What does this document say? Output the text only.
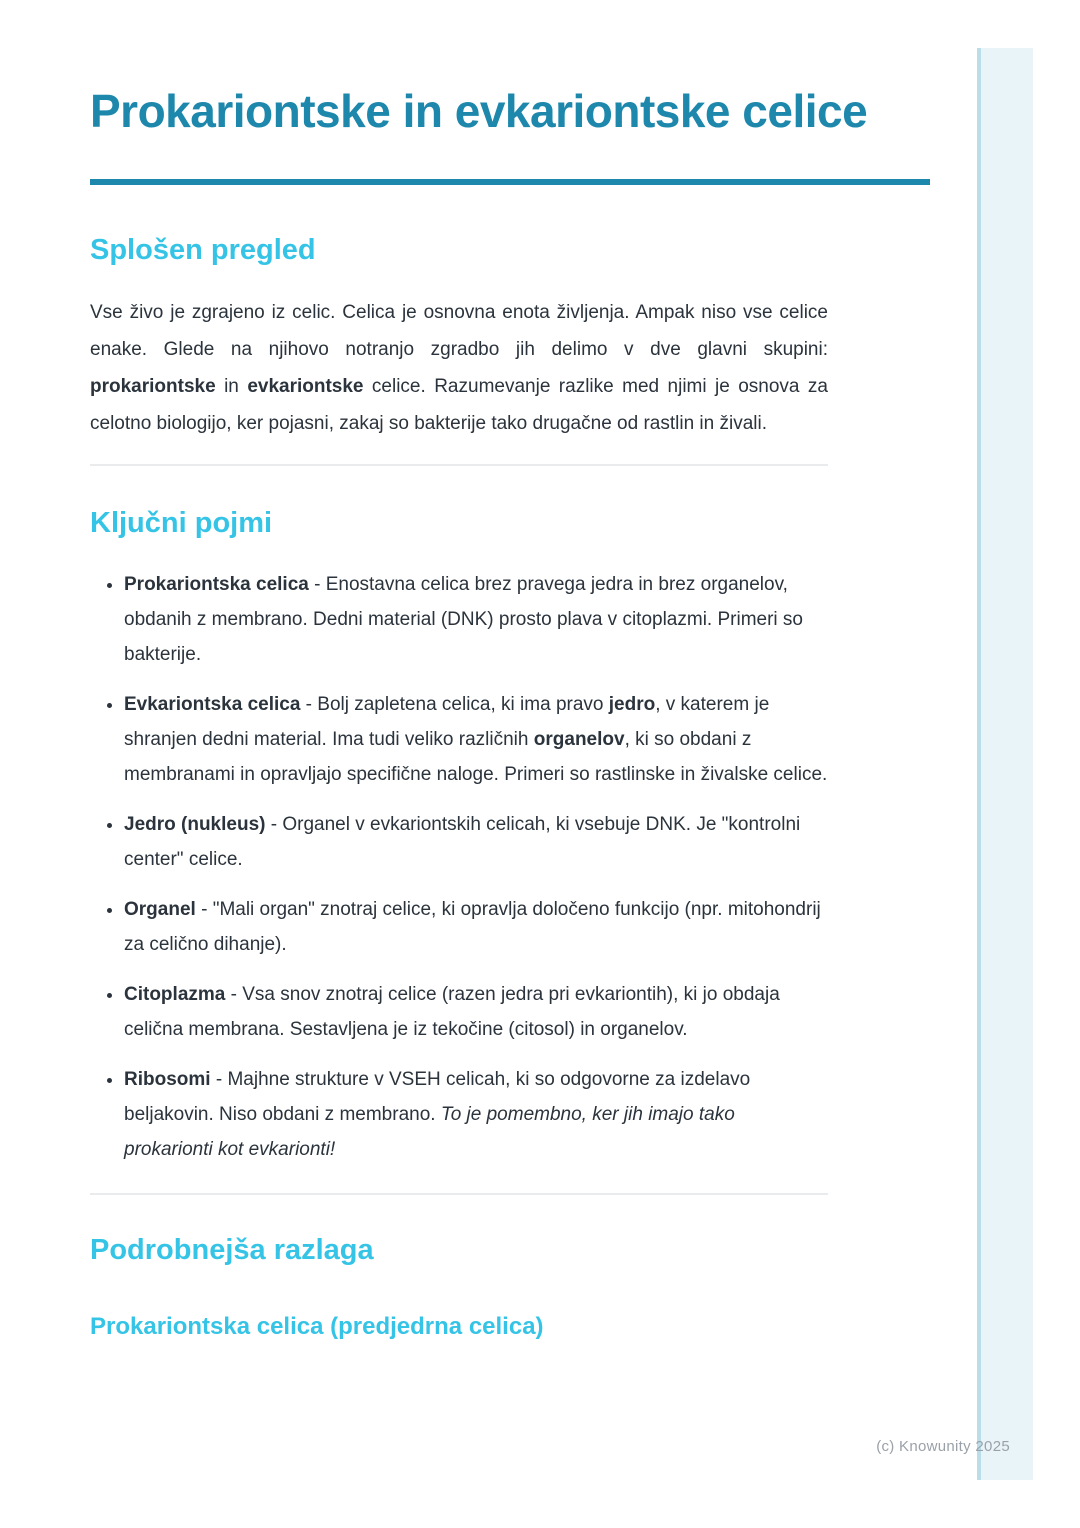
Prokariontske in evkariontske celice
Splošen pregled

Vse živo je zgrajeno iz celic. Celica je osnovna enota življenja. Ampak niso vse celice enake. Glede na njihovo notranjo zgradbo jih delimo v dve glavni skupini: prokariontske in evkariontske celice. Razumevanje razlike med njimi je osnova za celotno biologijo, ker pojasni, zakaj so bakterije tako drugačne od rastlin in živali.

Ključni pojmi
• Prokariontska celica - Enostavna celica brez pravega jedra in brez organelov, obdanih z membrano. Dedni material (DNK) prosto plava v citoplazmi. Primeri so bakterije.
• Evkariontska celica - Bolj zapletena celica, ki ima pravo jedro, v katerem je shranjen dedni material. Ima tudi veliko različnih organelov, ki so obdani z membranami in opravljajo specifične naloge. Primeri so rastlinske in živalske celice.
• Jedro (nukleus) - Organel v evkariontskih celicah, ki vsebuje DNK. Je "kontrolni center" celice.
• Organel - "Mali organ" znotraj celice, ki opravlja določeno funkcijo (npr. mitohondrij za celično dihanje).
• Citoplazma - Vsa snov znotraj celice (razen jedra pri evkariontih), ki jo obdaja celična membrana. Sestavljena je iz tekočine (citosol) in organelov.
• Ribosomi - Majhne strukture v VSEH celicah, ki so odgovorne za izdelavo beljakovin. Niso obdani z membrano. To je pomembno, ker jih imajo tako prokarionti kot evkarionti!
Podrobnejša razlaga
Prokariontska celica (predjedrna celica)
(c) Knowunity 2025
